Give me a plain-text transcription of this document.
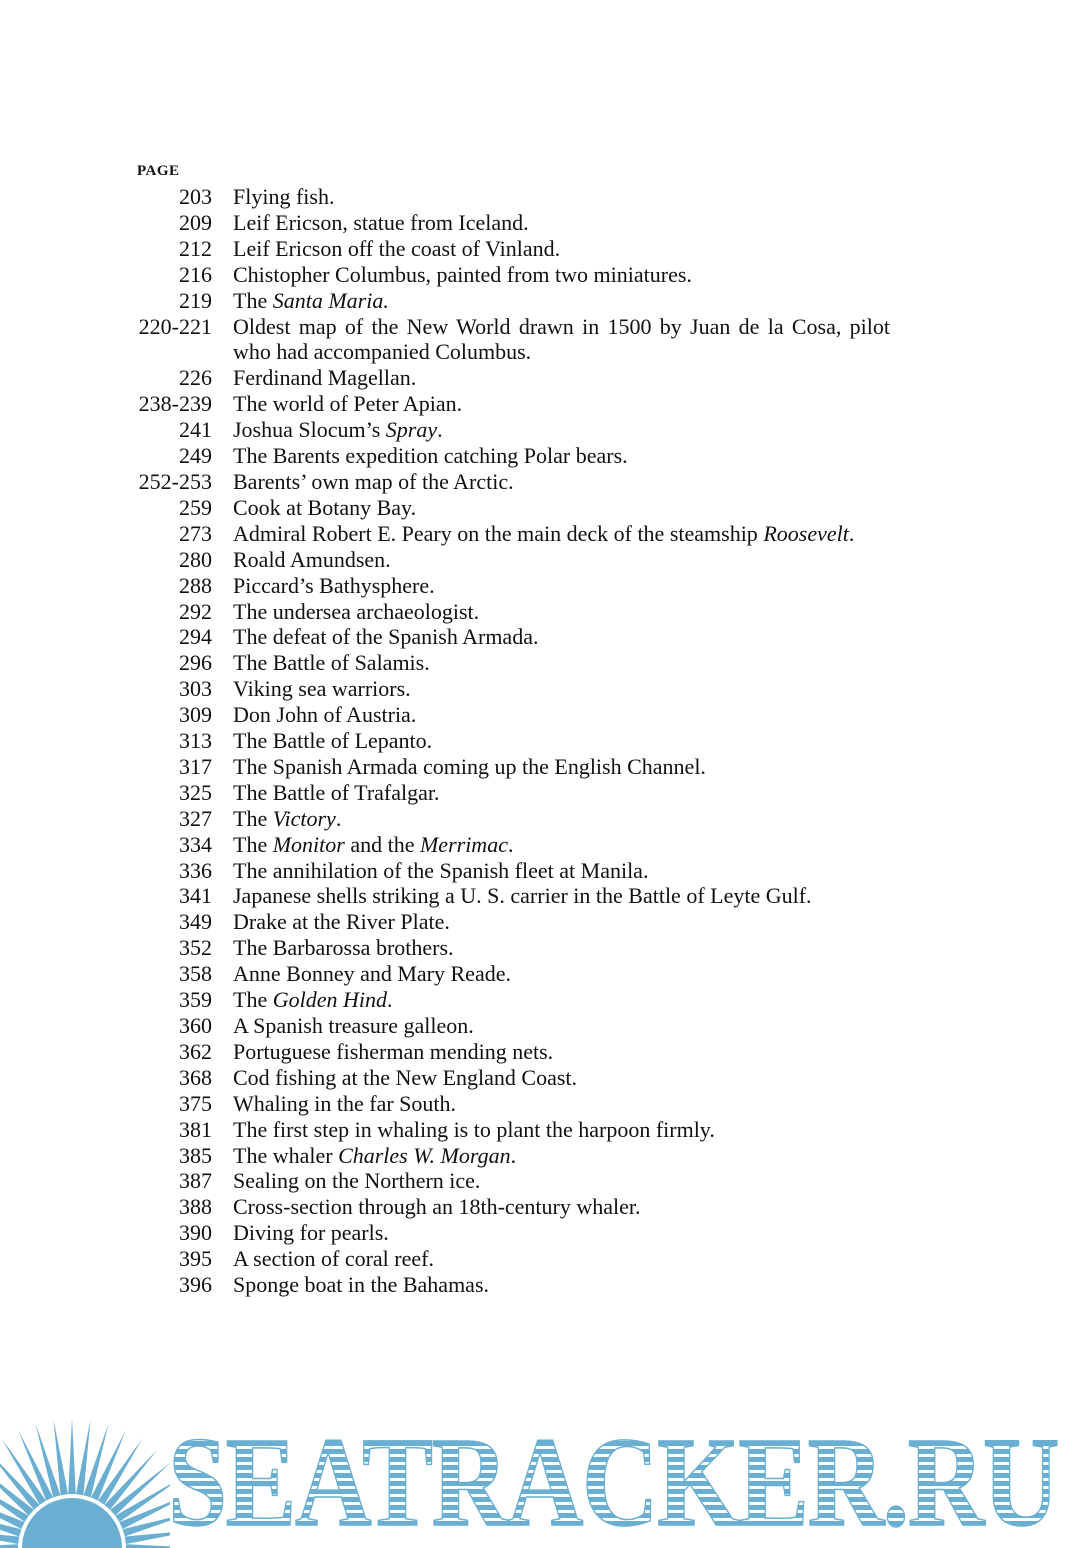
PAGE
203 Flying fish.
209 Leif Ericson, statue from Iceland.
212 Leif Ericson off the coast of Vinland.
216 Chistopher Columbus, painted from two miniatures.
219 The Santa Maria.
220-221 Oldest map of the New World drawn in 1500 by Juan de la Cosa, pilot who had accompanied Columbus.
226 Ferdinand Magellan.
238-239 The world of Peter Apian.
241 Joshua Slocum’s Spray.
249 The Barents expedition catching Polar bears.
252-253 Barents’ own map of the Arctic.
259 Cook at Botany Bay.
273 Admiral Robert E. Peary on the main deck of the steamship Roosevelt.
280 Roald Amundsen.
288 Piccard’s Bathysphere.
292 The undersea archaeologist.
294 The defeat of the Spanish Armada.
296 The Battle of Salamis.
303 Viking sea warriors.
309 Don John of Austria.
313 The Battle of Lepanto.
317 The Spanish Armada coming up the English Channel.
325 The Battle of Trafalgar.
327 The Victory.
334 The Monitor and the Merrimac.
336 The annihilation of the Spanish fleet at Manila.
341 Japanese shells striking a U. S. carrier in the Battle of Leyte Gulf.
349 Drake at the River Plate.
352 The Barbarossa brothers.
358 Anne Bonney and Mary Reade.
359 The Golden Hind.
360 A Spanish treasure galleon.
362 Portuguese fisherman mending nets.
368 Cod fishing at the New England Coast.
375 Whaling in the far South.
381 The first step in whaling is to plant the harpoon firmly.
385 The whaler Charles W. Morgan.
387 Sealing on the Northern ice.
388 Cross-section through an 18th-century whaler.
390 Diving for pearls.
395 A section of coral reef.
396 Sponge boat in the Bahamas.
SEATRACKER.RU
